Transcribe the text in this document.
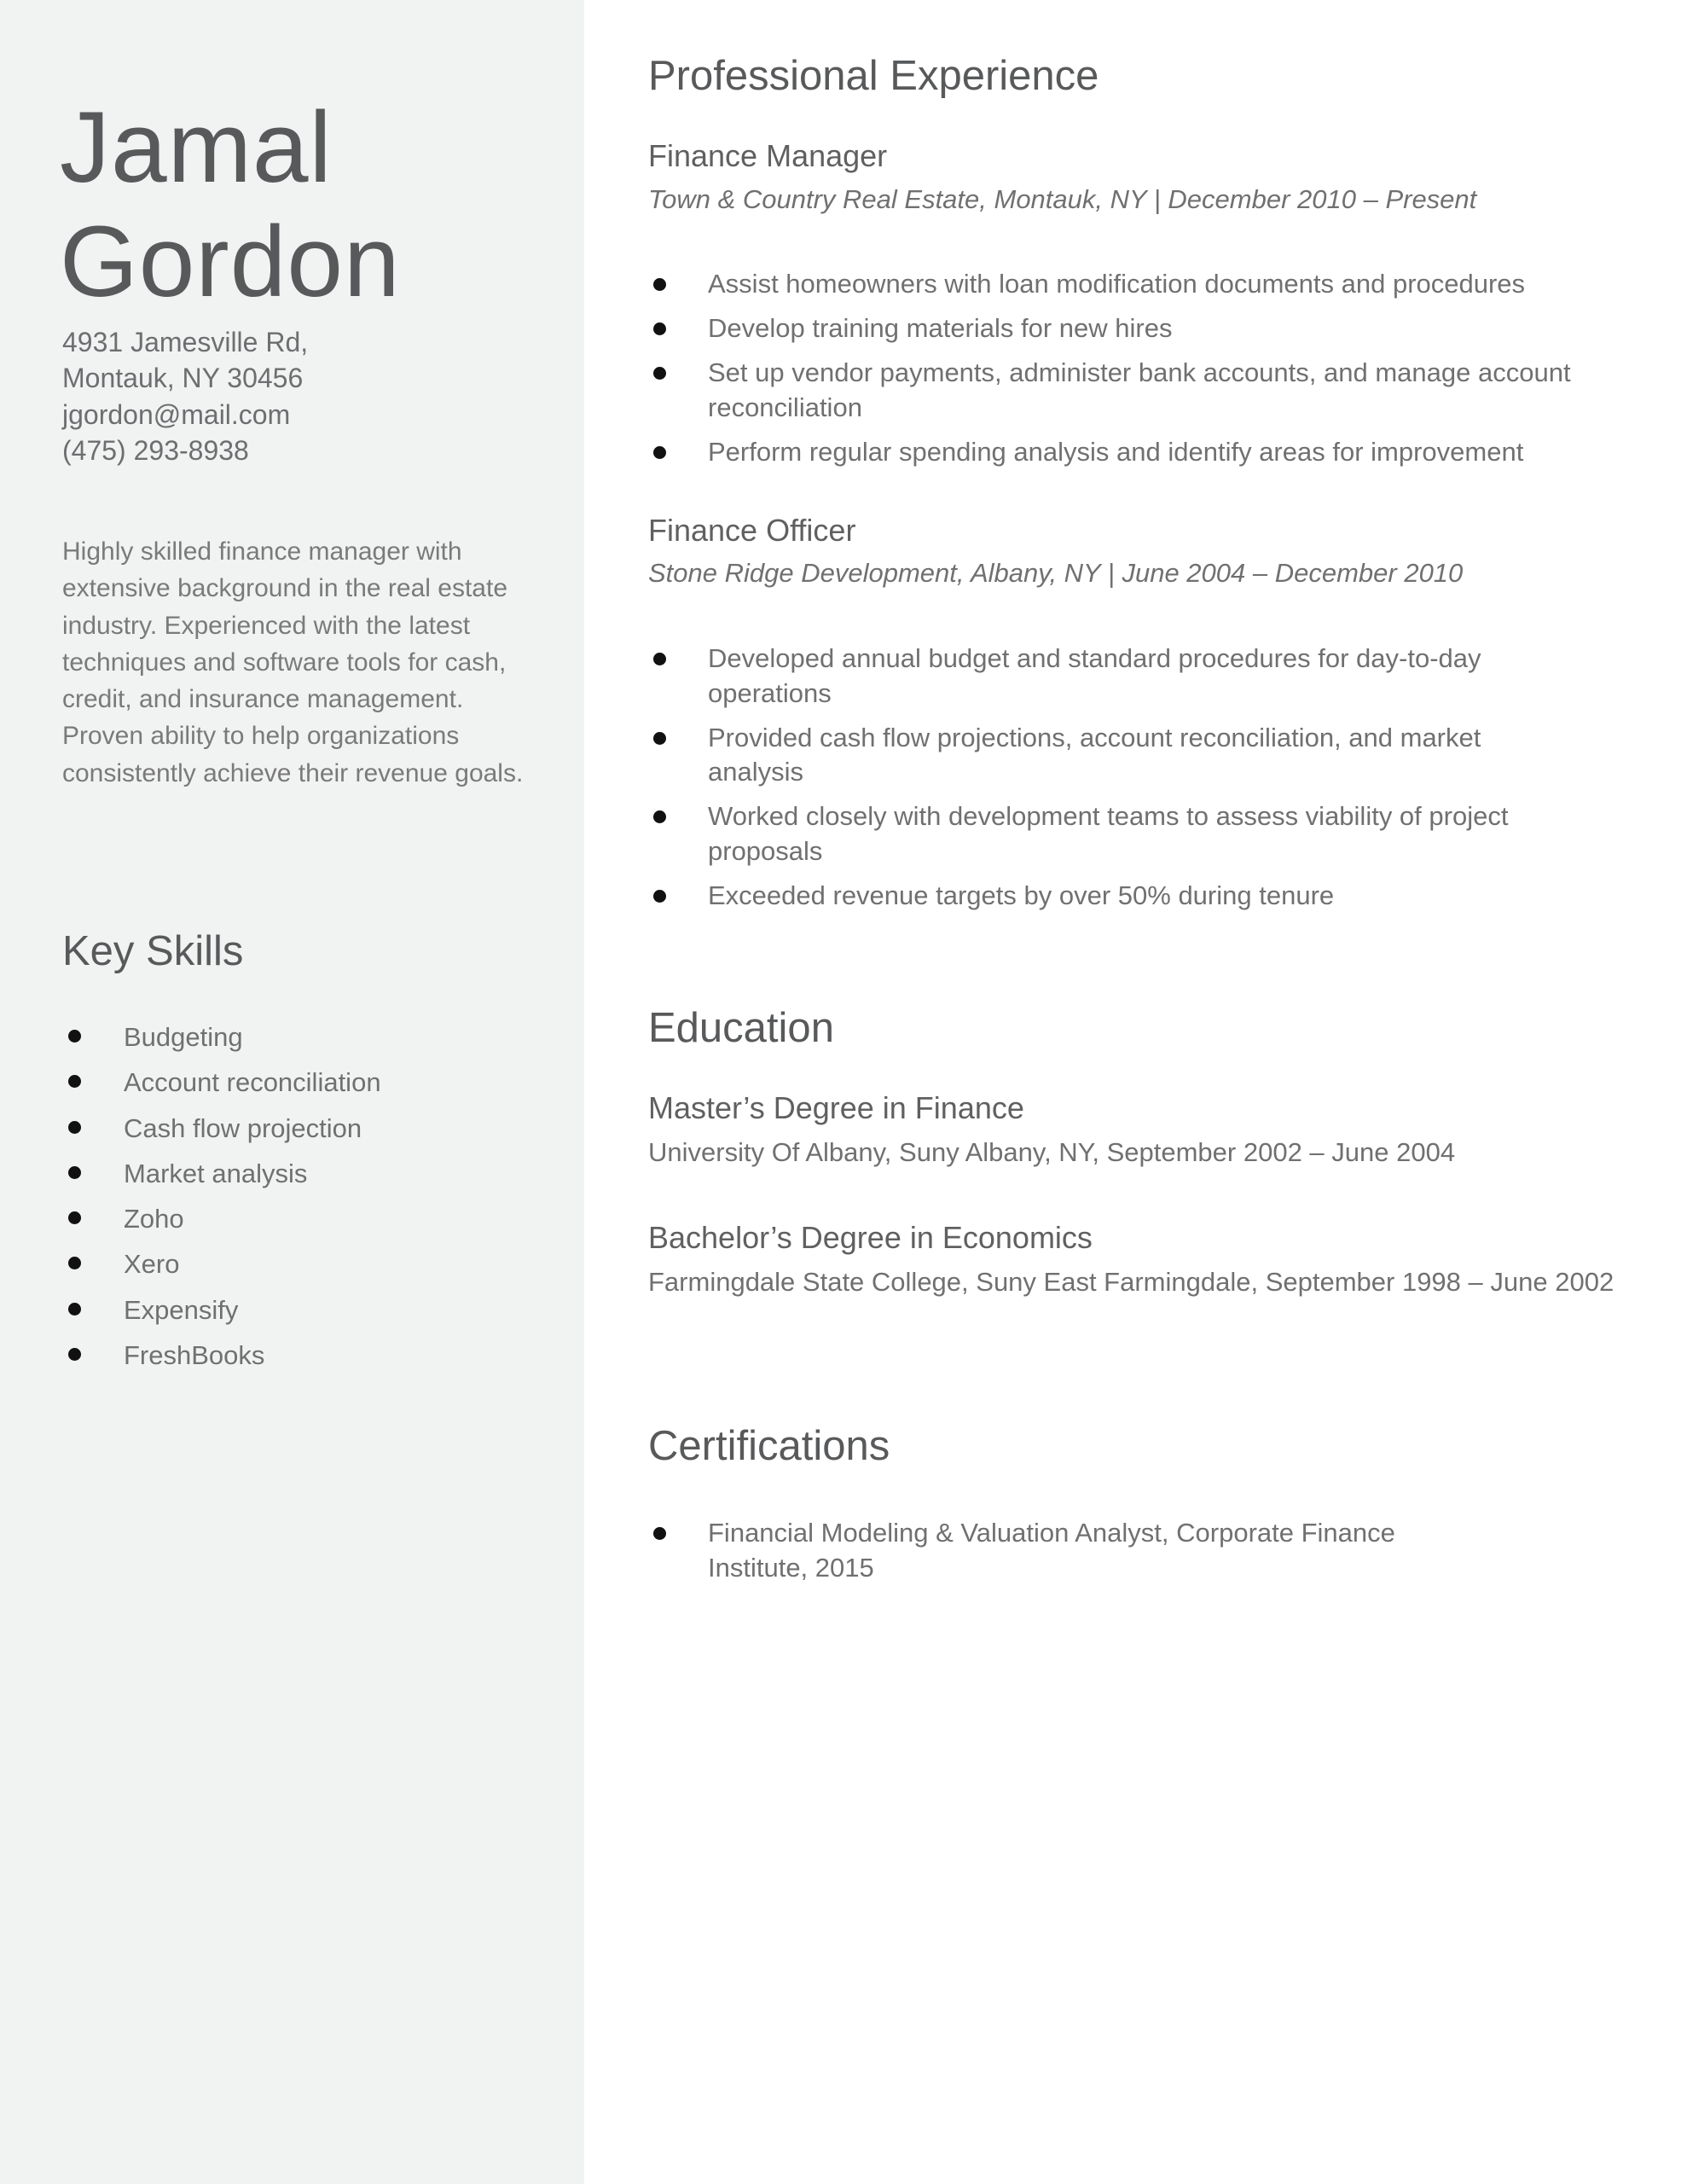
Jamal
Gordon
4931 Jamesville Rd,
Montauk, NY 30456
jgordon@mail.com
(475) 293-8938
Highly skilled finance manager with extensive background in the real estate industry. Experienced with the latest techniques and software tools for cash, credit, and insurance management. Proven ability to help organizations consistently achieve their revenue goals.
Key Skills
Budgeting
Account reconciliation
Cash flow projection
Market analysis
Zoho
Xero
Expensify
FreshBooks
Professional Experience
Finance Manager
Town & Country Real Estate, Montauk, NY | December 2010 – Present
Assist homeowners with loan modification documents and procedures
Develop training materials for new hires
Set up vendor payments, administer bank accounts, and manage account reconciliation
Perform regular spending analysis and identify areas for improvement
Finance Officer
Stone Ridge Development, Albany, NY | June 2004 – December 2010
Developed annual budget and standard procedures for day-to-day operations
Provided cash flow projections, account reconciliation, and market analysis
Worked closely with development teams to assess viability of project proposals
Exceeded revenue targets by over 50% during tenure
Education
Master’s Degree in Finance
University Of Albany, Suny Albany, NY, September 2002 – June 2004
Bachelor’s Degree in Economics
Farmingdale State College, Suny East Farmingdale, September 1998 – June 2002
Certifications
Financial Modeling & Valuation Analyst, Corporate Finance Institute, 2015
